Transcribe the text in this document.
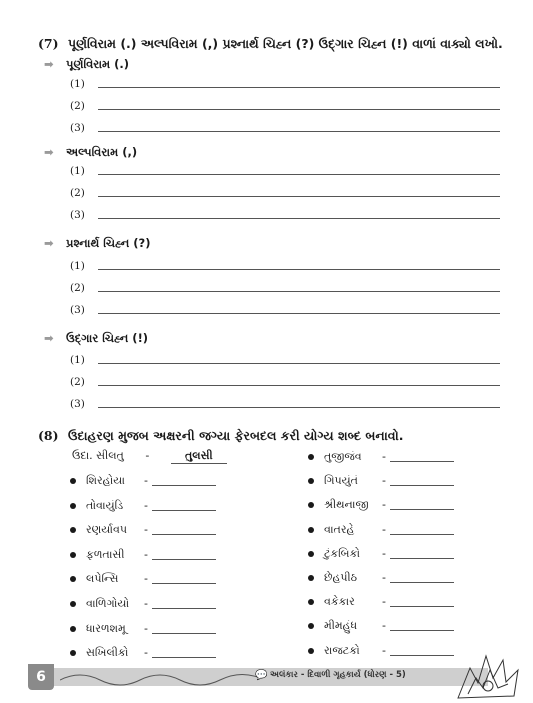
(7) પૂર્ણવિરામ (.) અલ્પવિરામ (,) પ્રશ્નાર્થ ચિહ્ન (?) ઉદ્ગાર ચિહ્ન (!) વાળાં વાક્યો લખો.
➡ પૂર્ણવિરામ (.)
(1)
(2)
(3)
➡ અલ્પવિરામ (,)
(1)
(2)
(3)
➡ પ્રશ્નાર્થ ચિહ્ન (?)
(1)
(2)
(3)
➡ ઉદ્ગાર ચિહ્ન (!)
(1)
(2)
(3)
(8) ઉદાહરણ મુજબ અક્ષરની જગ્યા ફેરબદલ કરી યોગ્ય શબ્દ બનાવો.
ઉદા. સીલતુ -	તુલસી
શિરહોયા -
તોવાયુંડિ -
રણર્યાવપ -
ફળતાસી -
લપેન્સિ -
વાળિગોયો -
ધારળશમૂ -
સખિલીકો -
તુજીજંવ -
ગિપયુંતં -
શ્રીથનાજી -
વાતરહે	-
ટુંકબિકો -
છેહપીઠ -
વકેકાર -
મીમહુંધ -
રાજટકો -
6	💬 અલંકાર - દિવાળી ગૃહકાર્ય (ધોરણ - 5)
